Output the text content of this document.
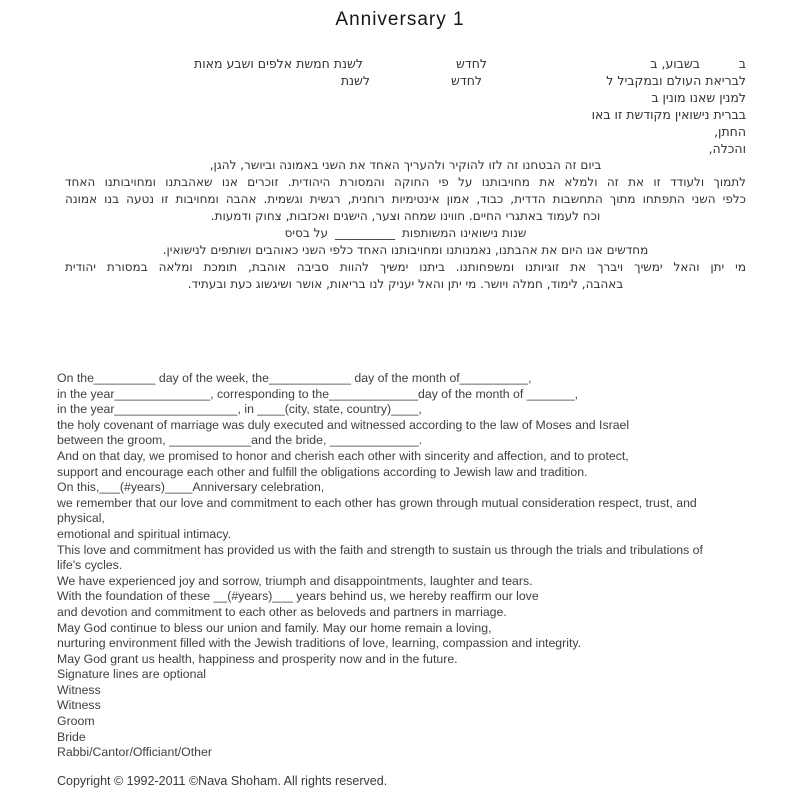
Anniversary 1
ב
בשבוע, ב
לחדש
לשנת חמשת אלפים ושבע מאות
לבריאת העולם ובמקביל ל
לחדש
לשנת
למנין שאנו מונין ב
בברית נישואין מקודשת זו באו
החתן,
והכלה,
ביום זה הבטחנו זה לזו להוקיר ולהעריך האחד את השני באמונה וביושר, להגן,
לתמוך ולעודד זו את זה ולמלא את מחויבותנו על פי החוקה והמסורת היהודית. זוכרים אנו שאהבתנו ומחויבותנו האחד
כלפי השני התפתחו מתוך התחשבות הדדית, כבוד, אמון אינטימיות רוחנית, רגשית וגשמית. אהבה ומחויבות זו נטעה בנו אמונה
וכח לעמוד באתגרי החיים. חווינו שמחה וצער, הישגים ואכזבות, צחוק ודמעות.
על בסיס __________ שנות נישואינו המשותפות
מחדשים אנו היום את אהבתנו, נאמנותנו ומחויבותנו האחד כלפי השני כאוהבים ושותפים לנישואין.
מי יתן והאל ימשיך ויברך את זוגיותנו ומשפחותנו. ביתנו ימשיך להוות סביבה אוהבת, תומכת ומלאה במסורת יהודית
באהבה, לימוד, חמלה ויושר. מי יתן והאל יעניק לנו בריאות, אושר ושיגשוג כעת ובעתיד.
On the_________ day of the week, the____________ day of the month of__________,
in the year______________, corresponding to the_____________day of the month of _______,
in the year__________________, in ____(city, state, country)____,
the holy covenant of marriage was duly executed and witnessed according to the law of Moses and Israel
between the groom, ____________and the bride, _____________.
And on that day, we promised to honor and cherish each other with sincerity and affection, and to protect,
support and encourage each other and fulfill the obligations according to Jewish law and tradition.
On this,___(#years)____Anniversary celebration,
we remember that our love and commitment to each other has grown through mutual consideration respect, trust, and
physical,
emotional and spiritual intimacy.
This love and commitment has provided us with the faith and strength to sustain us through the trials and tribulations of
life's cycles.
We have experienced joy and sorrow, triumph and disappointments, laughter and tears.
With the foundation of these __(#years)___ years behind us, we hereby reaffirm our love
and devotion and commitment to each other as beloveds and partners in marriage.
May God continue to bless our union and family. May our home remain a loving,
nurturing environment filled with the Jewish traditions of love, learning, compassion and integrity.
May God grant us health, happiness and prosperity now and in the future.
Signature lines are optional
Witness
Witness
Groom
Bride
Rabbi/Cantor/Officiant/Other
Copyright © 1992-2011 ©Nava Shoham. All rights reserved.
